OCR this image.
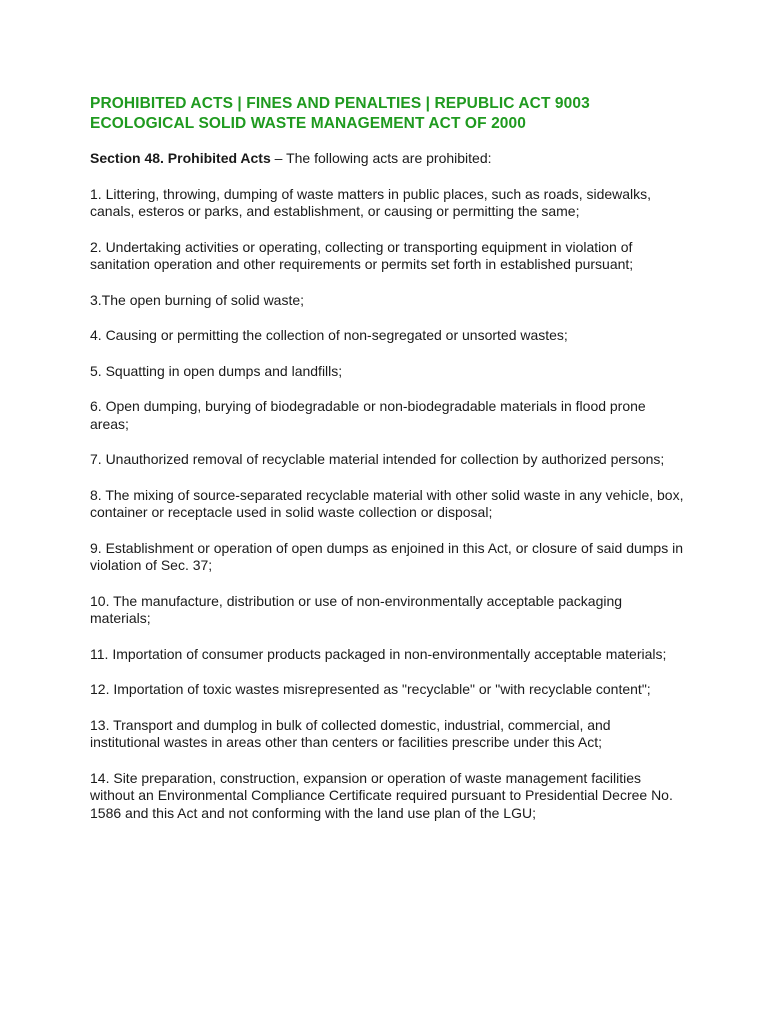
PROHIBITED ACTS | FINES AND PENALTIES | REPUBLIC ACT 9003
ECOLOGICAL SOLID WASTE MANAGEMENT ACT OF 2000

Section 48. Prohibited Acts – The following acts are prohibited:

1. Littering, throwing, dumping of waste matters in public places, such as roads, sidewalks, canals, esteros or parks, and establishment, or causing or permitting the same;
2. Undertaking activities or operating, collecting or transporting equipment in violation of sanitation operation and other requirements or permits set forth in established pursuant;
3.The open burning of solid waste;
4. Causing or permitting the collection of non-segregated or unsorted wastes;
5. Squatting in open dumps and landfills;
6. Open dumping, burying of biodegradable or non-biodegradable materials in flood prone areas;
7. Unauthorized removal of recyclable material intended for collection by authorized persons;
8. The mixing of source-separated recyclable material with other solid waste in any vehicle, box, container or receptacle used in solid waste collection or disposal;
9. Establishment or operation of open dumps as enjoined in this Act, or closure of said dumps in violation of Sec. 37;
10. The manufacture, distribution or use of non-environmentally acceptable packaging materials;
11. Importation of consumer products packaged in non-environmentally acceptable materials;
12. Importation of toxic wastes misrepresented as "recyclable" or "with recyclable content";
13. Transport and dumplog in bulk of collected domestic, industrial, commercial, and institutional wastes in areas other than centers or facilities prescribe under this Act;
14. Site preparation, construction, expansion or operation of waste management facilities without an Environmental Compliance Certificate required pursuant to Presidential Decree No. 1586 and this Act and not conforming with the land use plan of the LGU;
